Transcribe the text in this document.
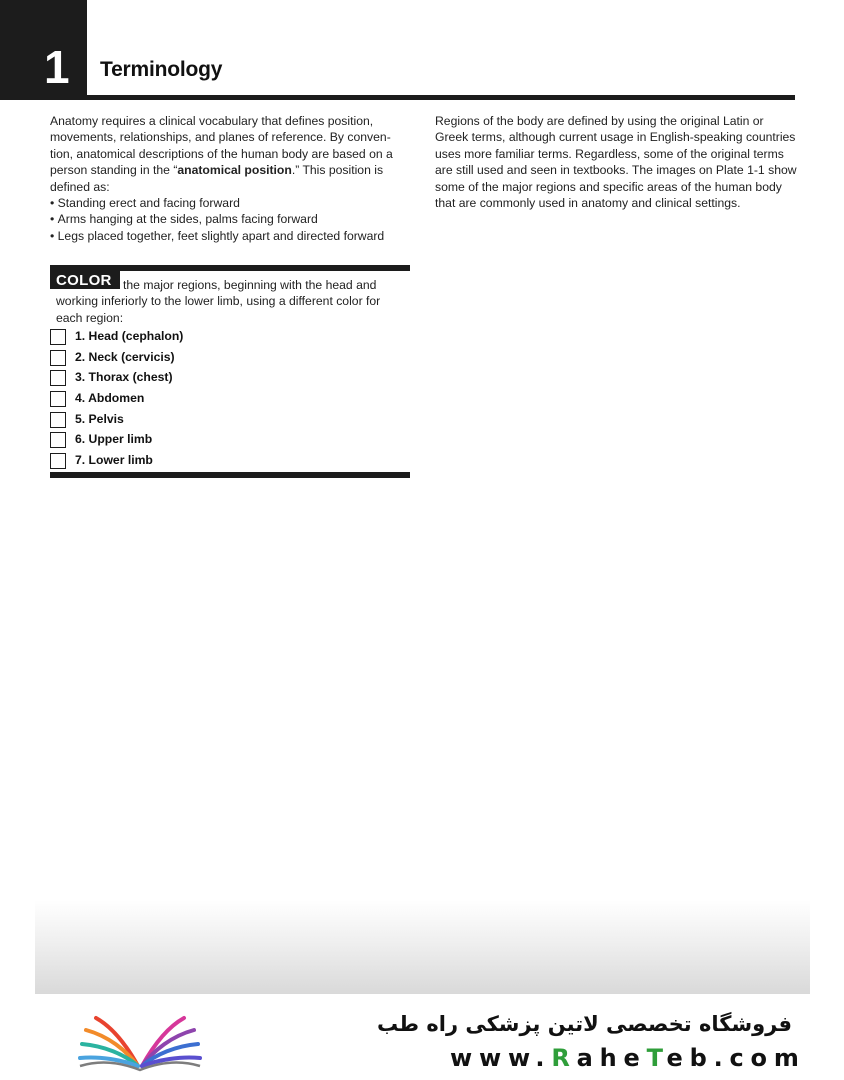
1 Terminology

Anatomy requires a clinical vocabulary that defines position, movements, relationships, and planes of reference. By conven-tion, anatomical descriptions of the human body are based on a person standing in the “anatomical position.” This position is defined as:

• Standing erect and facing forward
• Arms hanging at the sides, palms facing forward
• Legs placed together, feet slightly apart and directed forward

Regions of the body are defined by using the original Latin or Greek terms, although current usage in English-speaking countries uses more familiar terms. Regardless, some of the original terms are still used and seen in textbooks. The images on Plate 1-1 show some of the major regions and specific areas of the human body that are commonly used in anatomy and clinical settings.

COLOR the major regions, beginning with the head and working inferiorly to the lower limb, using a different color for each region:
1. Head (cephalon)
2. Neck (cervicis)
3. Thorax (chest)
4. Abdomen
5. Pelvis
6. Upper limb
7. Lower limb
فروشگاه تخصصی لاتین پزشکی راه طب
www.RaheTeb.com
